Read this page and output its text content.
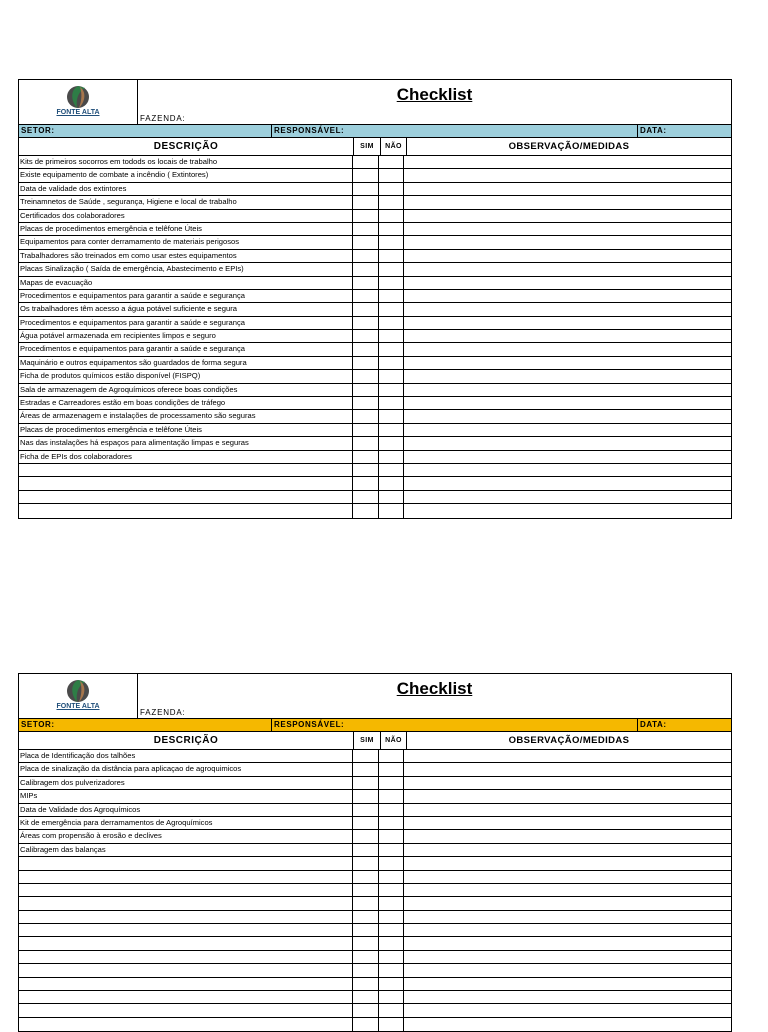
FONTE ALTA

Checklist
FAZENDA:
SETOR:	RESPONSÁVEL:	DATA:
DESCRIÇÃO	SIM	NÃO	OBSERVAÇÃO/MEDIDAS
Kits de primeiros socorros em todods os locais de trabalho
Existe equipamento de combate a incêndio ( Extintores)
Data de validade dos extintores
Treinamnetos de Saúde , segurança, Higiene e local de trabalho
Certificados dos colaboradores
Placas de procedimentos emergência e telêfone Úteis
Equipamentos para conter derramamento de materiais perigosos
Trabalhadores são treinados em como usar estes equipamentos
Placas Sinalização ( Saída de emergência, Abastecimento e EPIs)
Mapas de evacuação
Procedimentos e equipamentos para garantir a saúde e segurança
Os trabalhadores têm acesso a água potável suficiente e segura
Procedimentos e equipamentos para garantir a saúde e segurança
Água potável armazenada em recipientes limpos e seguro
Procedimentos e equipamentos para garantir a saúde e segurança
Maquinário e outros equipamentos são guardados de forma segura
Ficha de produtos químicos estão disponível (FISPQ)
Sala de armazenagem de Agroquímicos oferece boas condições
Estradas e Carreadores estão em boas condições de tráfego
Áreas de armazenagem e instalações de processamento são seguras
Placas de procedimentos emergência e telêfone Úteis
Nas das instalações há espaços para alimentação limpas e seguras
Ficha de EPIs dos colaboradores
FONTE ALTA

Checklist
FAZENDA:
SETOR:	RESPONSÁVEL:	DATA:
DESCRIÇÃO	SIM	NÃO	OBSERVAÇÃO/MEDIDAS
Placa de Identificação dos talhões
Placa de sinalização da distância para aplicaçao de agroquimicos
Calibragem dos pulverizadores
MIPs
Data de Validade dos Agroquímicos
Kit de emergência para derramamentos de Agroquímicos
Áreas com propensão à erosão e declives
Calibragem das balanças
